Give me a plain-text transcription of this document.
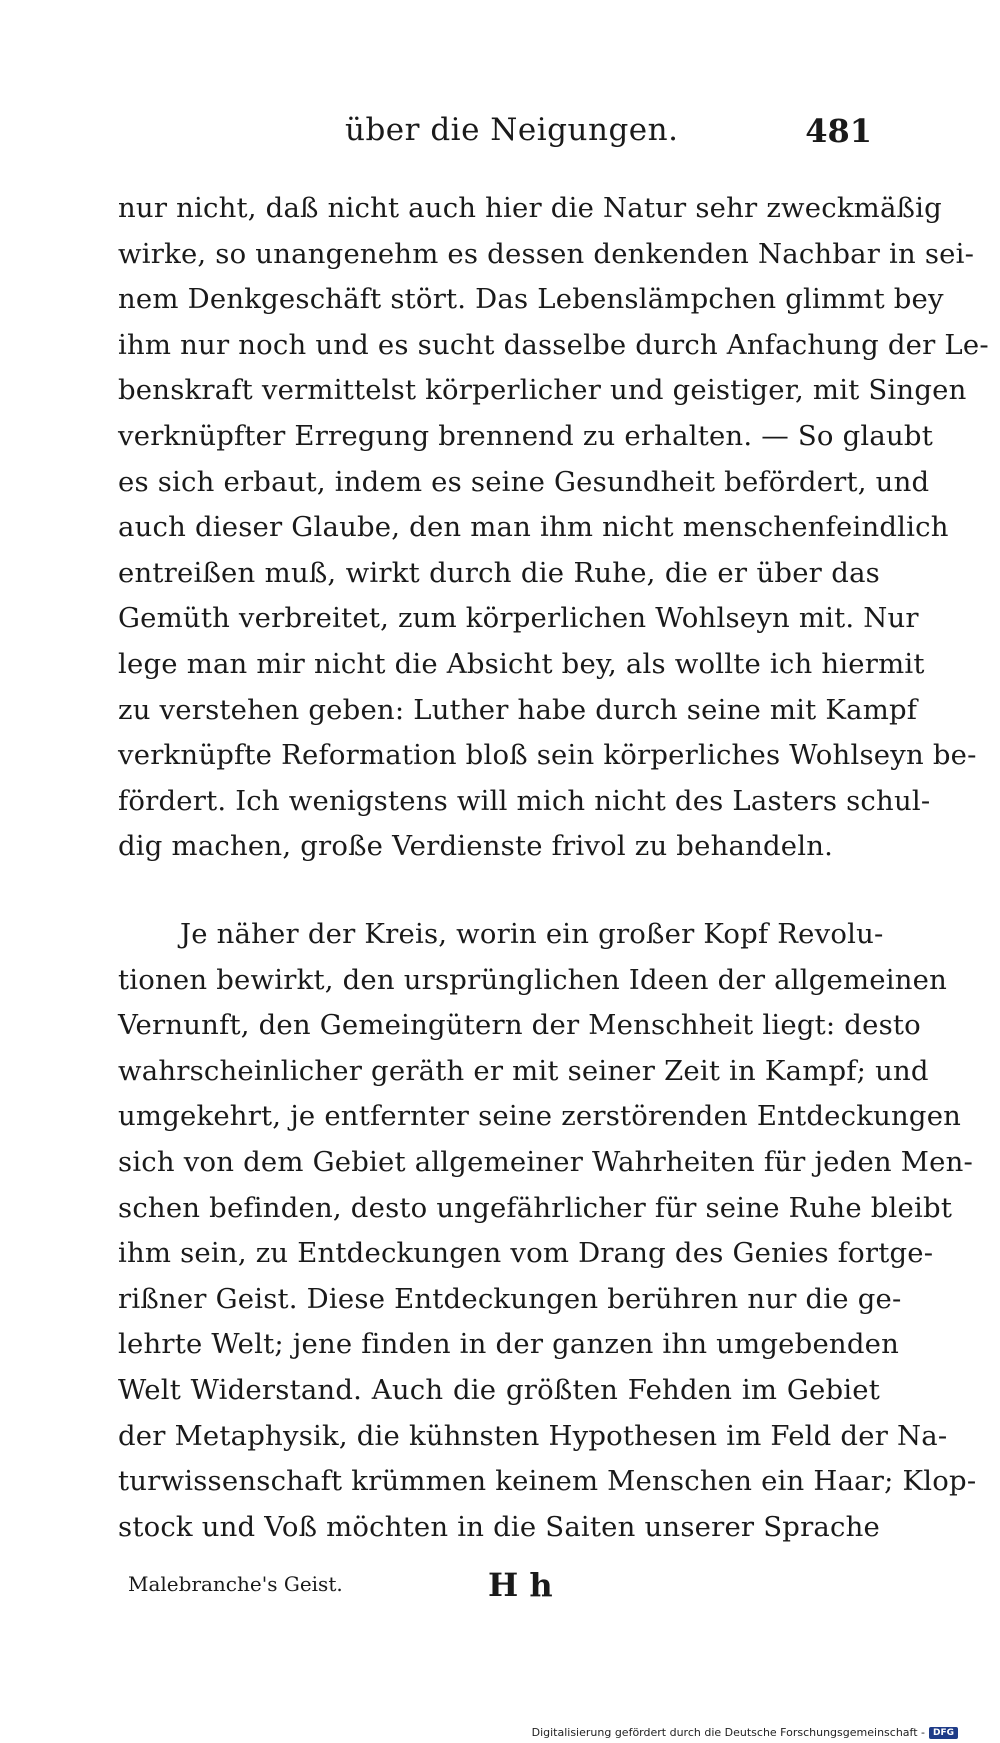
über die Neigungen.	481
nur nicht, daß nicht auch hier die Natur sehr zweckmäßig
wirke, so unangenehm es dessen denkenden Nachbar in sei-
nem Denkgeschäft stört. Das Lebenslämpchen glimmt bey
ihm nur noch und es sucht dasselbe durch Anfachung der Le-
benskraft vermittelst körperlicher und geistiger, mit Singen
verknüpfter Erregung brennend zu erhalten. — So glaubt
es sich erbaut, indem es seine Gesundheit befördert, und
auch dieser Glaube, den man ihm nicht menschenfeindlich
entreißen muß, wirkt durch die Ruhe, die er über das
Gemüth verbreitet, zum körperlichen Wohlseyn mit. Nur
lege man mir nicht die Absicht bey, als wollte ich hiermit
zu verstehen geben: Luther habe durch seine mit Kampf
verknüpfte Reformation bloß sein körperliches Wohlseyn be-
fördert. Ich wenigstens will mich nicht des Lasters schul-
dig machen, große Verdienste frivol zu behandeln.
Je näher der Kreis, worin ein großer Kopf Revolu-
tionen bewirkt, den ursprünglichen Ideen der allgemeinen
Vernunft, den Gemeingütern der Menschheit liegt: desto
wahrscheinlicher geräth er mit seiner Zeit in Kampf; und
umgekehrt, je entfernter seine zerstörenden Entdeckungen
sich von dem Gebiet allgemeiner Wahrheiten für jeden Men-
schen befinden, desto ungefährlicher für seine Ruhe bleibt
ihm sein, zu Entdeckungen vom Drang des Genies fortge-
rißner Geist. Diese Entdeckungen berühren nur die ge-
lehrte Welt; jene finden in der ganzen ihn umgebenden
Welt Widerstand. Auch die größten Fehden im Gebiet
der Metaphysik, die kühnsten Hypothesen im Feld der Na-
turwissenschaft krümmen keinem Menschen ein Haar; Klop-
stock und Voß möchten in die Saiten unserer Sprache
Malebranche's Geist.	H h
Digitalisierung gefördert durch die Deutsche Forschungsgemeinschaft - DFG
